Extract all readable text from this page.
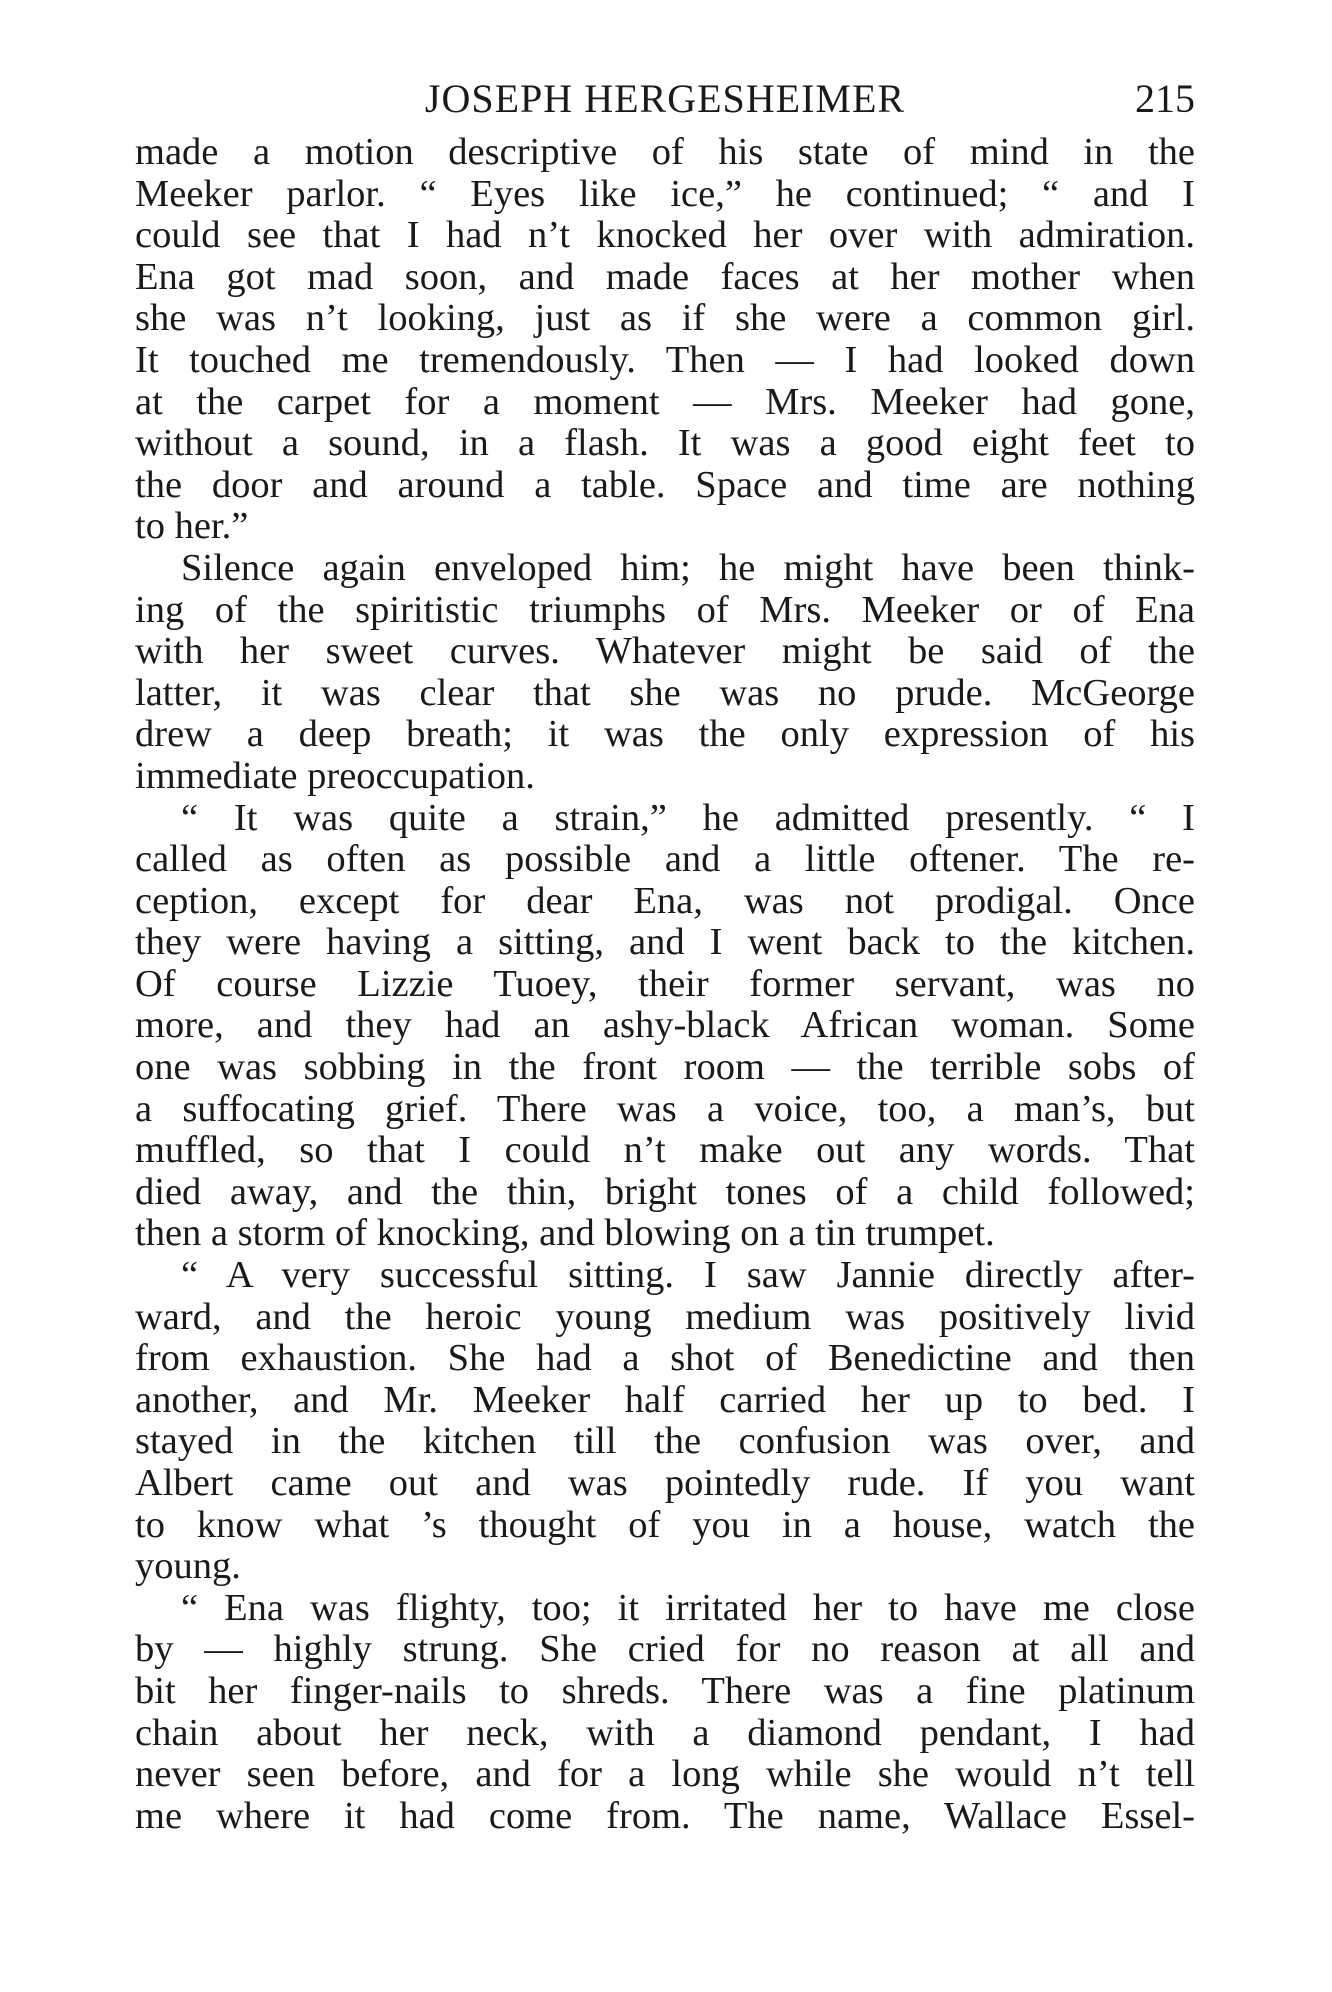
JOSEPH HERGESHEIMER	215
made a motion descriptive of his state of mind in the
Meeker parlor. “ Eyes like ice,” he continued; “ and I
could see that I had n’t knocked her over with admiration.
Ena got mad soon, and made faces at her mother when
she was n’t looking, just as if she were a common girl.
It touched me tremendously. Then — I had looked down
at the carpet for a moment — Mrs. Meeker had gone,
without a sound, in a flash. It was a good eight feet to
the door and around a table. Space and time are nothing
to her.”
Silence again enveloped him; he might have been think-
ing of the spiritistic triumphs of Mrs. Meeker or of Ena
with her sweet curves. Whatever might be said of the
latter, it was clear that she was no prude. McGeorge
drew a deep breath; it was the only expression of his
immediate preoccupation.
“ It was quite a strain,” he admitted presently. “ I
called as often as possible and a little oftener. The re-
ception, except for dear Ena, was not prodigal. Once
they were having a sitting, and I went back to the kitchen.
Of course Lizzie Tuoey, their former servant, was no
more, and they had an ashy-black African woman. Some
one was sobbing in the front room — the terrible sobs of
a suffocating grief. There was a voice, too, a man’s, but
muffled, so that I could n’t make out any words. That
died away, and the thin, bright tones of a child followed;
then a storm of knocking, and blowing on a tin trumpet.
“ A very successful sitting. I saw Jannie directly after-
ward, and the heroic young medium was positively livid
from exhaustion. She had a shot of Benedictine and then
another, and Mr. Meeker half carried her up to bed. I
stayed in the kitchen till the confusion was over, and
Albert came out and was pointedly rude. If you want
to know what ’s thought of you in a house, watch the
young.
“ Ena was flighty, too; it irritated her to have me close
by — highly strung. She cried for no reason at all and
bit her finger-nails to shreds. There was a fine platinum
chain about her neck, with a diamond pendant, I had
never seen before, and for a long while she would n’t tell
me where it had come from. The name, Wallace Essel-
